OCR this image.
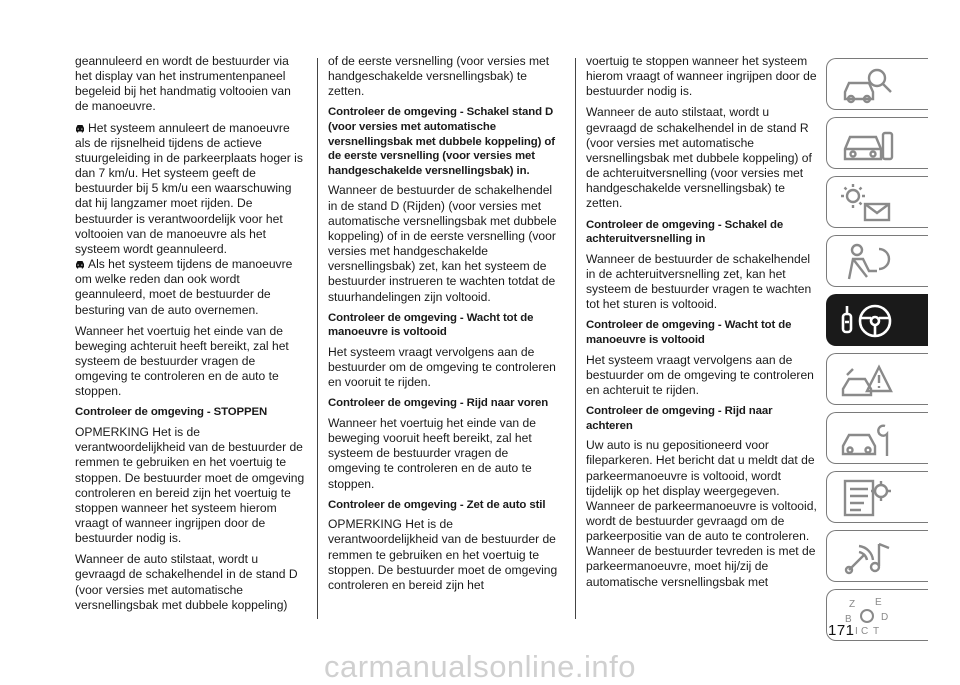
geannuleerd en wordt de bestuurder via het display van het instrumentenpaneel begeleid bij het handmatig voltooien van de manoeuvre.

Het systeem annuleert de manoeuvre als de rijsnelheid tijdens de actieve stuurgeleiding in de parkeerplaats hoger is dan 7 km/u. Het systeem geeft de bestuurder bij 5 km/u een waarschuwing dat hij langzamer moet rijden. De bestuurder is verantwoordelijk voor het voltooien van de manoeuvre als het systeem wordt geannuleerd.

Als het systeem tijdens de manoeuvre om welke reden dan ook wordt geannuleerd, moet de bestuurder de besturing van de auto overnemen.

Wanneer het voertuig het einde van de beweging achteruit heeft bereikt, zal het systeem de bestuurder vragen de omgeving te controleren en de auto te stoppen.

Controleer de omgeving - STOPPEN

OPMERKING Het is de verantwoordelijkheid van de bestuurder de remmen te gebruiken en het voertuig te stoppen. De bestuurder moet de omgeving controleren en bereid zijn het voertuig te stoppen wanneer het systeem hierom vraagt of wanneer ingrijpen door de bestuurder nodig is.

Wanneer de auto stilstaat, wordt u gevraagd de schakelhendel in de stand D (voor versies met automatische versnellingsbak met dubbele koppeling)

of de eerste versnelling (voor versies met handgeschakelde versnellingsbak) te zetten.

Controleer de omgeving - Schakel stand D (voor versies met automatische versnellingsbak met dubbele koppeling) of de eerste versnelling (voor versies met handgeschakelde versnellingsbak) in.

Wanneer de bestuurder de schakelhendel in de stand D (Rijden) (voor versies met automatische versnellingsbak met dubbele koppeling) of in de eerste versnelling (voor versies met handgeschakelde versnellingsbak) zet, kan het systeem de bestuurder instrueren te wachten totdat de stuurhandelingen zijn voltooid.

Controleer de omgeving - Wacht tot de manoeuvre is voltooid

Het systeem vraagt vervolgens aan de bestuurder om de omgeving te controleren en vooruit te rijden.

Controleer de omgeving - Rijd naar voren

Wanneer het voertuig het einde van de beweging vooruit heeft bereikt, zal het systeem de bestuurder vragen de omgeving te controleren en de auto te stoppen.

Controleer de omgeving - Zet de auto stil

OPMERKING Het is de verantwoordelijkheid van de bestuurder de remmen te gebruiken en het voertuig te stoppen. De bestuurder moet de omgeving controleren en bereid zijn het

voertuig te stoppen wanneer het systeem hierom vraagt of wanneer ingrijpen door de bestuurder nodig is.

Wanneer de auto stilstaat, wordt u gevraagd de schakelhendel in de stand R (voor versies met automatische versnellingsbak met dubbele koppeling) of de achteruitversnelling (voor versies met handgeschakelde versnellingsbak) te zetten.

Controleer de omgeving - Schakel de achteruitversnelling in

Wanneer de bestuurder de schakelhendel in de achteruitversnelling zet, kan het systeem de bestuurder vragen te wachten tot het sturen is voltooid.

Controleer de omgeving - Wacht tot de manoeuvre is voltooid

Het systeem vraagt vervolgens aan de bestuurder om de omgeving te controleren en achteruit te rijden.

Controleer de omgeving - Rijd naar achteren

Uw auto is nu gepositioneerd voor fileparkeren. Het bericht dat u meldt dat de parkeermanoeuvre is voltooid, wordt tijdelijk op het display weergegeven. Wanneer de parkeermanoeuvre is voltooid, wordt de bestuurder gevraagd om de parkeerpositie van de auto te controleren. Wanneer de bestuurder tevreden is met de parkeermanoeuvre, moet hij/zij de automatische versnellingsbak met

Z E
B	D
I C T
171
carmanualsonline.info
